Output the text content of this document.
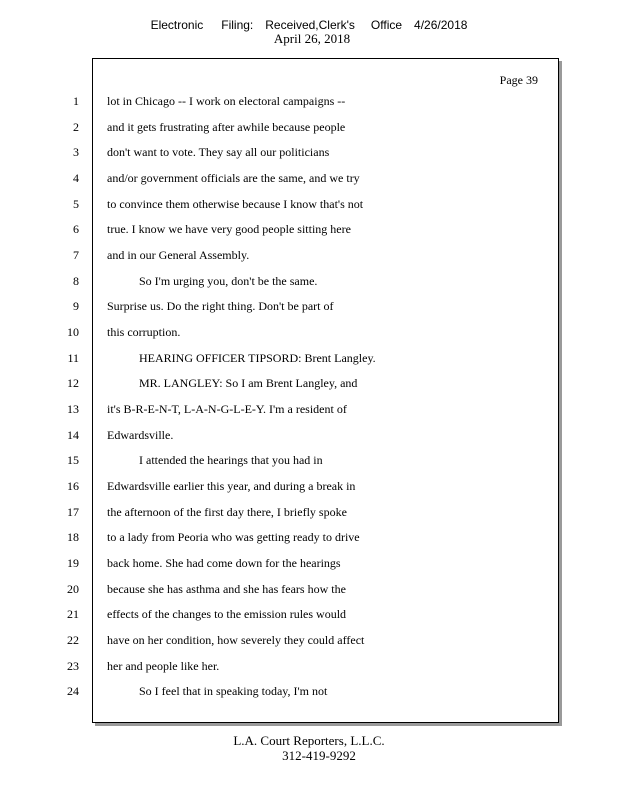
Electronic Filing: Received,Clerk's Office 4/26/2018
April 26, 2018
Page 39
1
2
3
4
5
6
7
8
9
10
11
12
13
14
15
16
17
18
19
20
21
22
23
24
lot in Chicago -- I work on electoral campaigns --
and it gets frustrating after awhile because people
don't want to vote. They say all our politicians
and/or government officials are the same, and we try
to convince them otherwise because I know that's not
true. I know we have very good people sitting here
and in our General Assembly.
So I'm urging you, don't be the same.
Surprise us. Do the right thing. Don't be part of
this corruption.
HEARING OFFICER TIPSORD: Brent Langley.
MR. LANGLEY: So I am Brent Langley, and
it's B-R-E-N-T, L-A-N-G-L-E-Y. I'm a resident of
Edwardsville.
I attended the hearings that you had in
Edwardsville earlier this year, and during a break in
the afternoon of the first day there, I briefly spoke
to a lady from Peoria who was getting ready to drive
back home. She had come down for the hearings
because she has asthma and she has fears how the
effects of the changes to the emission rules would
have on her condition, how severely they could affect
her and people like her.
So I feel that in speaking today, I'm not
L.A. Court Reporters, L.L.C.
312-419-9292
